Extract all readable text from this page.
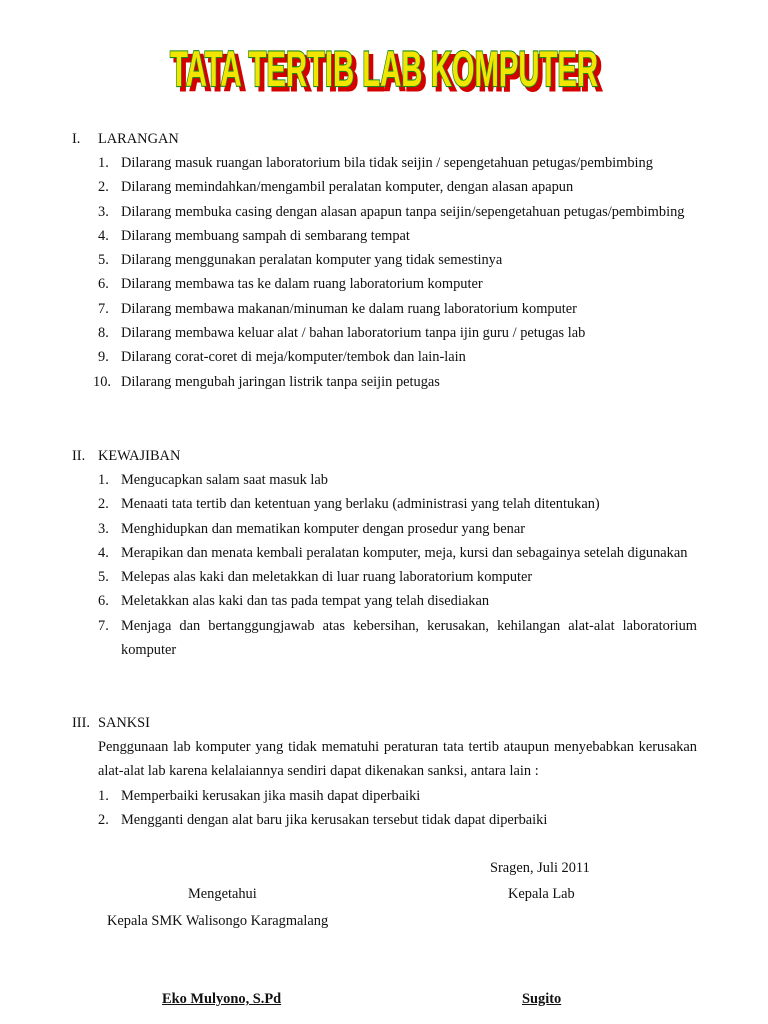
TATA TERTIB LAB KOMPUTER
TATA TERTIB LAB KOMPUTER
I. LARANGAN
1. Dilarang masuk ruangan laboratorium bila tidak seijin / sepengetahuan petugas/pembimbing
2. Dilarang memindahkan/mengambil peralatan komputer, dengan alasan apapun
3. Dilarang membuka casing dengan alasan apapun tanpa seijin/sepengetahuan petugas/pembimbing
4. Dilarang membuang sampah di sembarang tempat
5. Dilarang menggunakan peralatan komputer yang tidak semestinya
6. Dilarang membawa tas ke dalam ruang laboratorium komputer
7. Dilarang membawa makanan/minuman ke dalam ruang laboratorium komputer
8. Dilarang membawa keluar alat / bahan laboratorium tanpa ijin guru / petugas lab
9. Dilarang corat-coret di meja/komputer/tembok dan lain-lain
10. Dilarang mengubah jaringan listrik tanpa seijin petugas
II. KEWAJIBAN
1. Mengucapkan salam saat masuk lab
2. Menaati tata tertib dan ketentuan yang berlaku (administrasi yang telah ditentukan)
3. Menghidupkan dan mematikan komputer dengan prosedur yang benar
4. Merapikan dan menata kembali peralatan komputer, meja, kursi dan sebagainya setelah digunakan
5. Melepas alas kaki dan meletakkan di luar ruang laboratorium komputer
6. Meletakkan alas kaki dan tas pada tempat yang telah disediakan
7. Menjaga dan bertanggungjawab atas kebersihan, kerusakan, kehilangan alat-alat laboratorium komputer
III. SANKSI
Penggunaan lab komputer yang tidak mematuhi peraturan tata tertib ataupun menyebabkan kerusakan alat-alat lab karena kelalaiannya sendiri dapat dikenakan sanksi, antara lain :
1. Memperbaiki kerusakan jika masih dapat diperbaiki
2. Mengganti dengan alat baru jika kerusakan tersebut tidak dapat diperbaiki
Sragen, Juli 2011
Mengetahui	Kepala Lab
Kepala SMK Walisongo Karagmalang
Eko Mulyono, S.Pd	Sugito
